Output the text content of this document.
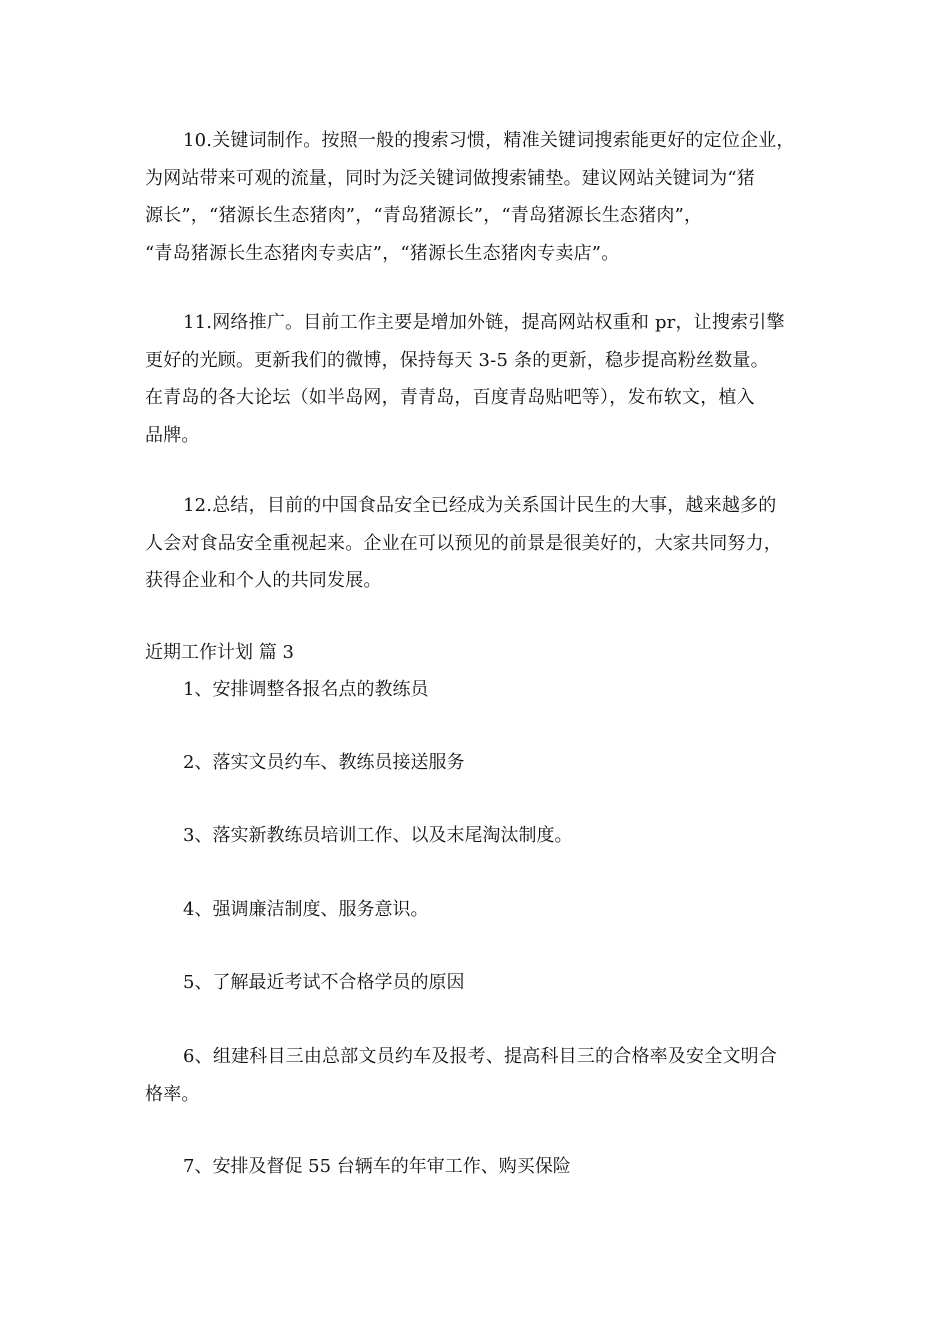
10.关键词制作。按照一般的搜索习惯，精准关键词搜索能更好的定位企业，
为网站带来可观的流量，同时为泛关键词做搜索铺垫。建议网站关键词为“猪
源长”，“猪源长生态猪肉”，“青岛猪源长”，“青岛猪源长生态猪肉”，
“青岛猪源长生态猪肉专卖店”，“猪源长生态猪肉专卖店”。

11.网络推广。目前工作主要是增加外链，提高网站权重和 pr，让搜索引擎
更好的光顾。更新我们的微博，保持每天 3-5 条的更新，稳步提高粉丝数量。
在青岛的各大论坛（如半岛网，青青岛，百度青岛贴吧等），发布软文，植入
品牌。

12.总结，目前的中国食品安全已经成为关系国计民生的大事，越来越多的
人会对食品安全重视起来。企业在可以预见的前景是很美好的，大家共同努力，
获得企业和个人的共同发展。

近期工作计划 篇 3

1、安排调整各报名点的教练员

2、落实文员约车、教练员接送服务

3、落实新教练员培训工作、以及末尾淘汰制度。

4、强调廉洁制度、服务意识。

5、了解最近考试不合格学员的原因

6、组建科目三由总部文员约车及报考、提高科目三的合格率及安全文明合
格率。

7、安排及督促 55 台辆车的年审工作、购买保险
